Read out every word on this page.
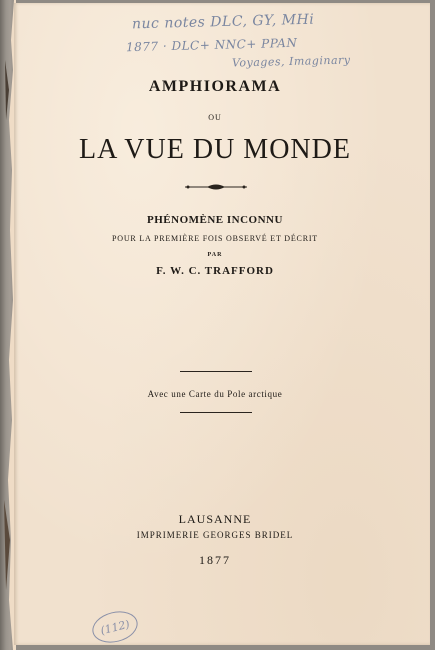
nuc notes DLC, GY, MHi
1877 · DLC+ NNC+ PPAN
Voyages, Imaginary
AMPHIORAMA
OU
LA VUE DU MONDE
PHÉNOMÈNE INCONNU
POUR LA PREMIÈRE FOIS OBSERVÉ ET DÉCRIT
PAR
F. W. C. TRAFFORD
Avec une Carte du Pole arctique
LAUSANNE
IMPRIMERIE GEORGES BRIDEL
1877
(112)
